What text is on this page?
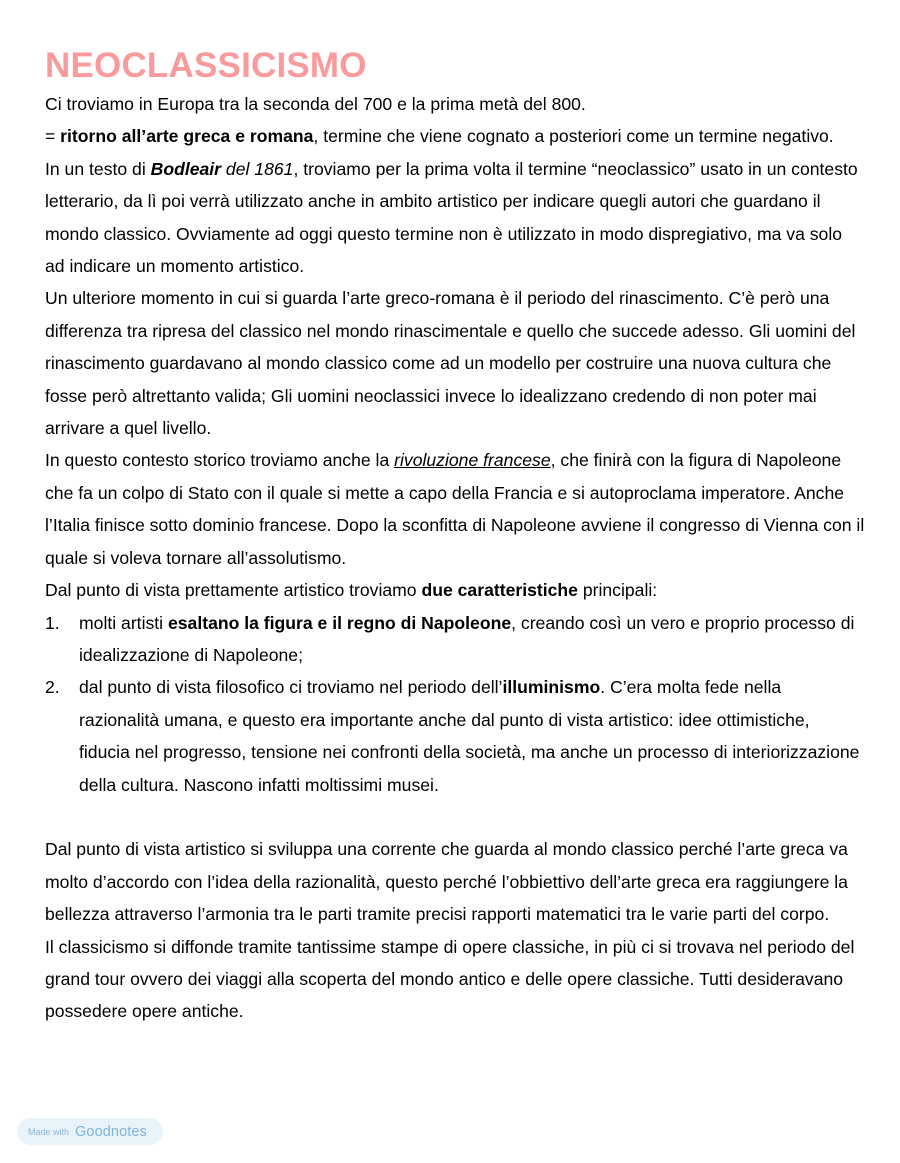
NEOCLASSICISMO

Ci troviamo in Europa tra la seconda del 700 e la prima metà del 800.

= ritorno all’arte greca e romana, termine che viene cognato a posteriori come un termine negativo.

In un testo di Bodleair del 1861, troviamo per la prima volta il termine “neoclassico” usato in un contesto letterario, da lì poi verrà utilizzato anche in ambito artistico per indicare quegli autori che guardano il mondo classico. Ovviamente ad oggi questo termine non è utilizzato in modo dispregiativo, ma va solo ad indicare un momento artistico.

Un ulteriore momento in cui si guarda l’arte greco-romana è il periodo del rinascimento. C’è però una differenza tra ripresa del classico nel mondo rinascimentale e quello che succede adesso. Gli uomini del rinascimento guardavano al mondo classico come ad un modello per costruire una nuova cultura che fosse però altrettanto valida; Gli uomini neoclassici invece lo idealizzano credendo di non poter mai arrivare a quel livello.

In questo contesto storico troviamo anche la rivoluzione francese, che finirà con la figura di Napoleone che fa un colpo di Stato con il quale si mette a capo della Francia e si autoproclama imperatore. Anche l’Italia finisce sotto dominio francese. Dopo la sconfitta di Napoleone avviene il congresso di Vienna con il quale si voleva tornare all’assolutismo.

Dal punto di vista prettamente artistico troviamo due caratteristiche principali:

1. molti artisti esaltano la figura e il regno di Napoleone, creando così un vero e proprio processo di idealizzazione di Napoleone;
2. dal punto di vista filosofico ci troviamo nel periodo dell’illuminismo. C’era molta fede nella razionalità umana, e questo era importante anche dal punto di vista artistico: idee ottimistiche, fiducia nel progresso, tensione nei confronti della società, ma anche un processo di interiorizzazione della cultura. Nascono infatti moltissimi musei.

Dal punto di vista artistico si sviluppa una corrente che guarda al mondo classico perché l’arte greca va molto d’accordo con l’idea della razionalità, questo perché l’obbiettivo dell’arte greca era raggiungere la bellezza attraverso l’armonia tra le parti tramite precisi rapporti matematici tra le varie parti del corpo.

Il classicismo si diffonde tramite tantissime stampe di opere classiche, in più ci si trovava nel periodo del grand tour ovvero dei viaggi alla scoperta del mondo antico e delle opere classiche. Tutti desideravano possedere opere antiche.

Made with Goodnotes
